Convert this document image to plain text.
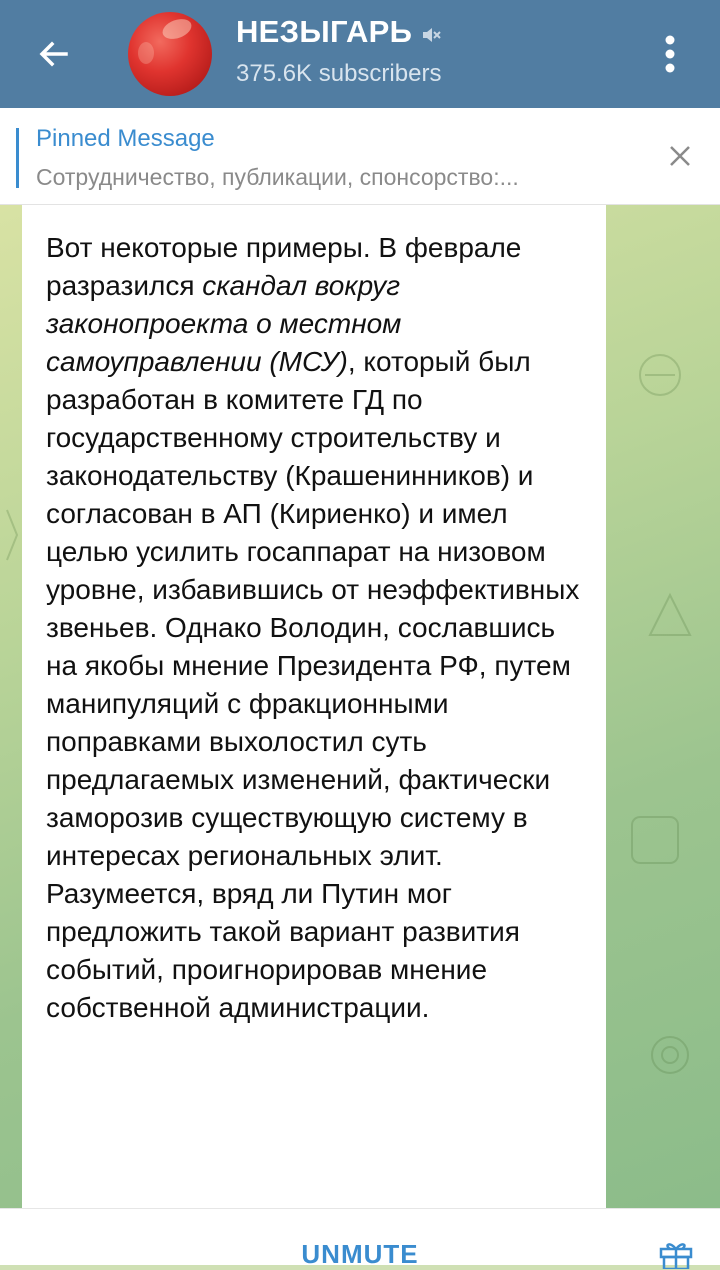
НЕЗЫГАРЬ
375.6K subscribers
Pinned Message
Сотрудничество, публикации, спонсорство:...

Вот некоторые примеры. В феврале разразился скандал вокруг законопроекта о местном самоуправлении (МСУ), который был разработан в комитете ГД по государственному строительству и законодательству (Крашенинников) и согласован в АП (Кириенко) и имел целью усилить госаппарат на низовом уровне, избавившись от неэффективных звеньев. Однако Володин, сославшись на якобы мнение Президента РФ, путем манипуляций с фракционными поправками выхолостил суть предлагаемых изменений, фактически заморозив существующую систему в интересах региональных элит. Разумеется, вряд ли Путин мог предложить такой вариант развития событий, проигнорировав мнение собственной администрации.

UNMUTE
